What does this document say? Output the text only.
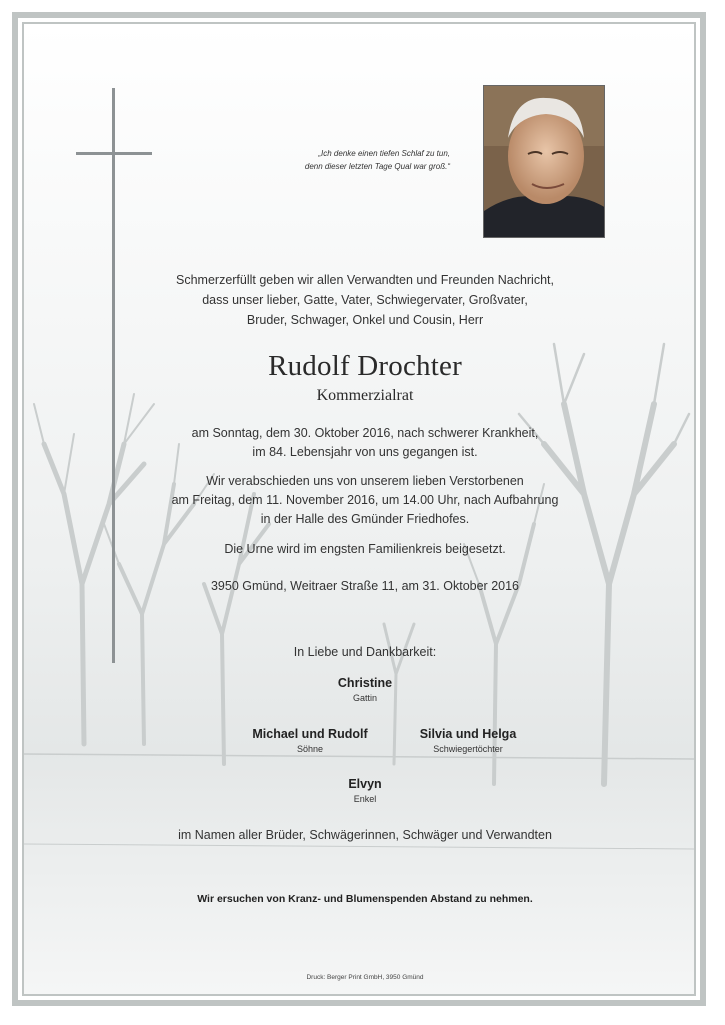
„Ich denke einen tiefen Schlaf zu tun,
denn dieser letzten Tage Qual war groß.“
Schmerzerfüllt geben wir allen Verwandten und Freunden Nachricht,
dass unser lieber, Gatte, Vater, Schwiegervater, Großvater,
Bruder, Schwager, Onkel und Cousin, Herr
Rudolf Drochter
Kommerzialrat
am Sonntag, dem 30. Oktober 2016, nach schwerer Krankheit,
im 84. Lebensjahr von uns gegangen ist.
Wir verabschieden uns von unserem lieben Verstorbenen
am Freitag, dem 11. November 2016, um 14.00 Uhr, nach Aufbahrung
in der Halle des Gmünder Friedhofes.
Die Urne wird im engsten Familienkreis beigesetzt.
3950 Gmünd, Weitraer Straße 11, am 31. Oktober 2016
In Liebe und Dankbarkeit:
Christine
Gattin
Michael und Rudolf
Söhne
Silvia und Helga
Schwiegertöchter
Elvyn
Enkel
im Namen aller Brüder, Schwägerinnen, Schwäger und Verwandten
Wir ersuchen von Kranz- und Blumenspenden Abstand zu nehmen.
Druck: Berger Print GmbH, 3950 Gmünd
